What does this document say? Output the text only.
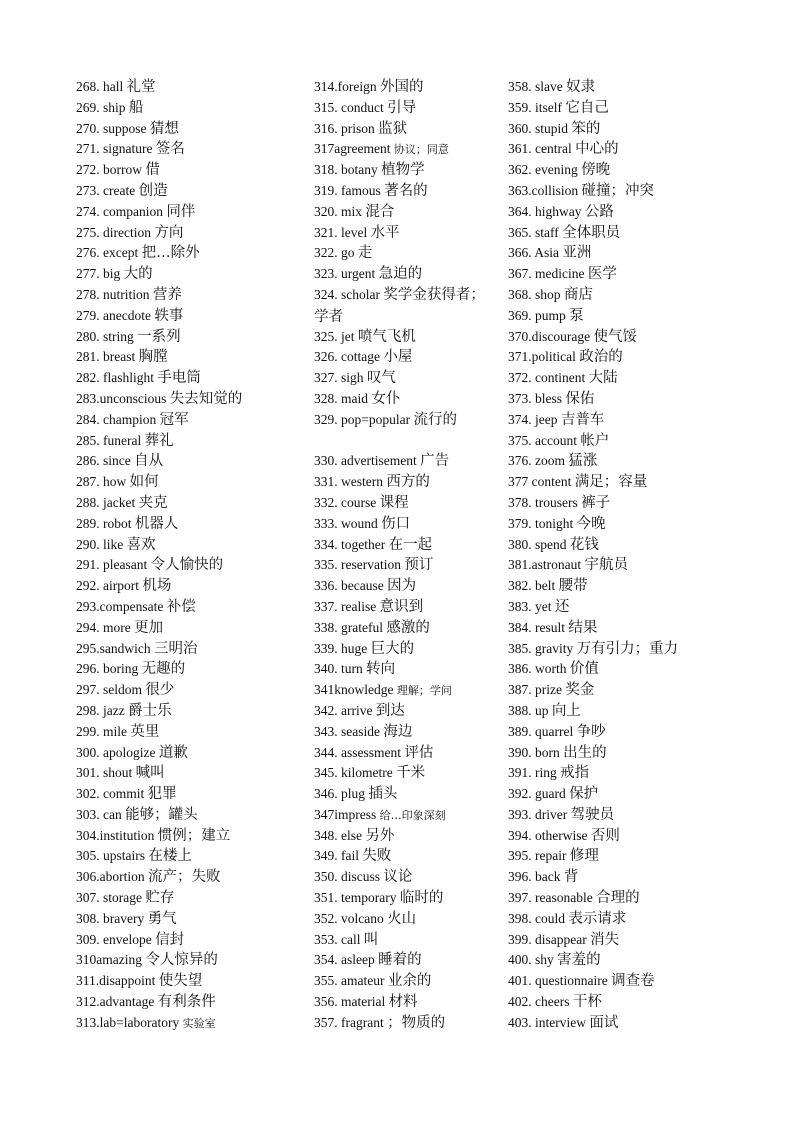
268. hall 礼堂
269. ship 船
270. suppose 猜想
271. signature 签名
272. borrow 借
273. create 创造
274. companion 同伴
275. direction 方向
276. except 把…除外
277. big 大的
278. nutrition 营养
279. anecdote 轶事
280. string 一系列
281. breast 胸膛
282. flashlight 手电筒
283.unconscious 失去知觉的
284. champion 冠军
285. funeral 葬礼
286. since 自从
287. how 如何
288. jacket 夹克
289. robot 机器人
290. like 喜欢
291. pleasant 令人愉快的
292. airport 机场
293.compensate 补偿
294. more 更加
295.sandwich 三明治
296. boring 无趣的
297. seldom 很少
298. jazz 爵士乐
299. mile 英里
300. apologize 道歉
301. shout 喊叫
302. commit 犯罪
303. can 能够；罐头
304.institution 惯例；建立
305. upstairs 在楼上
306.abortion 流产；失败
307. storage 贮存
308. bravery 勇气
309. envelope 信封
310amazing 令人惊异的
311.disappoint 使失望
312.advantage 有利条件
313.lab=laboratory 实验室
314.foreign 外国的
315. conduct 引导
316. prison 监狱
317agreement 协议；同意
318. botany 植物学
319. famous 著名的
320. mix 混合
321. level 水平
322. go 走
323. urgent 急迫的
324. scholar 奖学金获得者；学者
325. jet 喷气飞机
326. cottage 小屋
327. sigh 叹气
328. maid 女仆
329. pop=popular 流行的
330. advertisement 广告
331. western 西方的
332. course 课程
333. wound 伤口
334. together 在一起
335. reservation 预订
336. because 因为
337. realise 意识到
338. grateful 感激的
339. huge 巨大的
340. turn 转向
341knowledge 理解；学问
342. arrive 到达
343. seaside 海边
344. assessment 评估
345. kilometre 千米
346. plug 插头
347impress 给…印象深刻
348. else 另外
349. fail 失败
350. discuss 议论
351. temporary 临时的
352. volcano 火山
353. call 叫
354. asleep 睡着的
355. amateur 业余的
356. material 材料
357. fragrant ；物质的
358. slave 奴隶
359. itself 它自己
360. stupid 笨的
361. central 中心的
362. evening 傍晚
363.collision 碰撞；冲突
364. highway 公路
365. staff 全体职员
366. Asia 亚洲
367. medicine 医学
368. shop 商店
369. pump 泵
370.discourage 使气馁
371.political 政治的
372. continent 大陆
373. bless 保佑
374. jeep 吉普车
375. account 帐户
376. zoom 猛涨
377 content 满足；容量
378. trousers 裤子
379. tonight 今晚
380. spend 花钱
381.astronaut 宇航员
382. belt 腰带
383. yet 还
384. result 结果
385. gravity 万有引力；重力
386. worth 价值
387. prize 奖金
388. up 向上
389. quarrel 争吵
390. born 出生的
391. ring 戒指
392. guard 保护
393. driver 驾驶员
394. otherwise 否则
395. repair 修理
396. back 背
397. reasonable 合理的
398. could 表示请求
399. disappear 消失
400. shy 害羞的
401. questionnaire 调查卷
402. cheers 干杯
403. interview 面试
